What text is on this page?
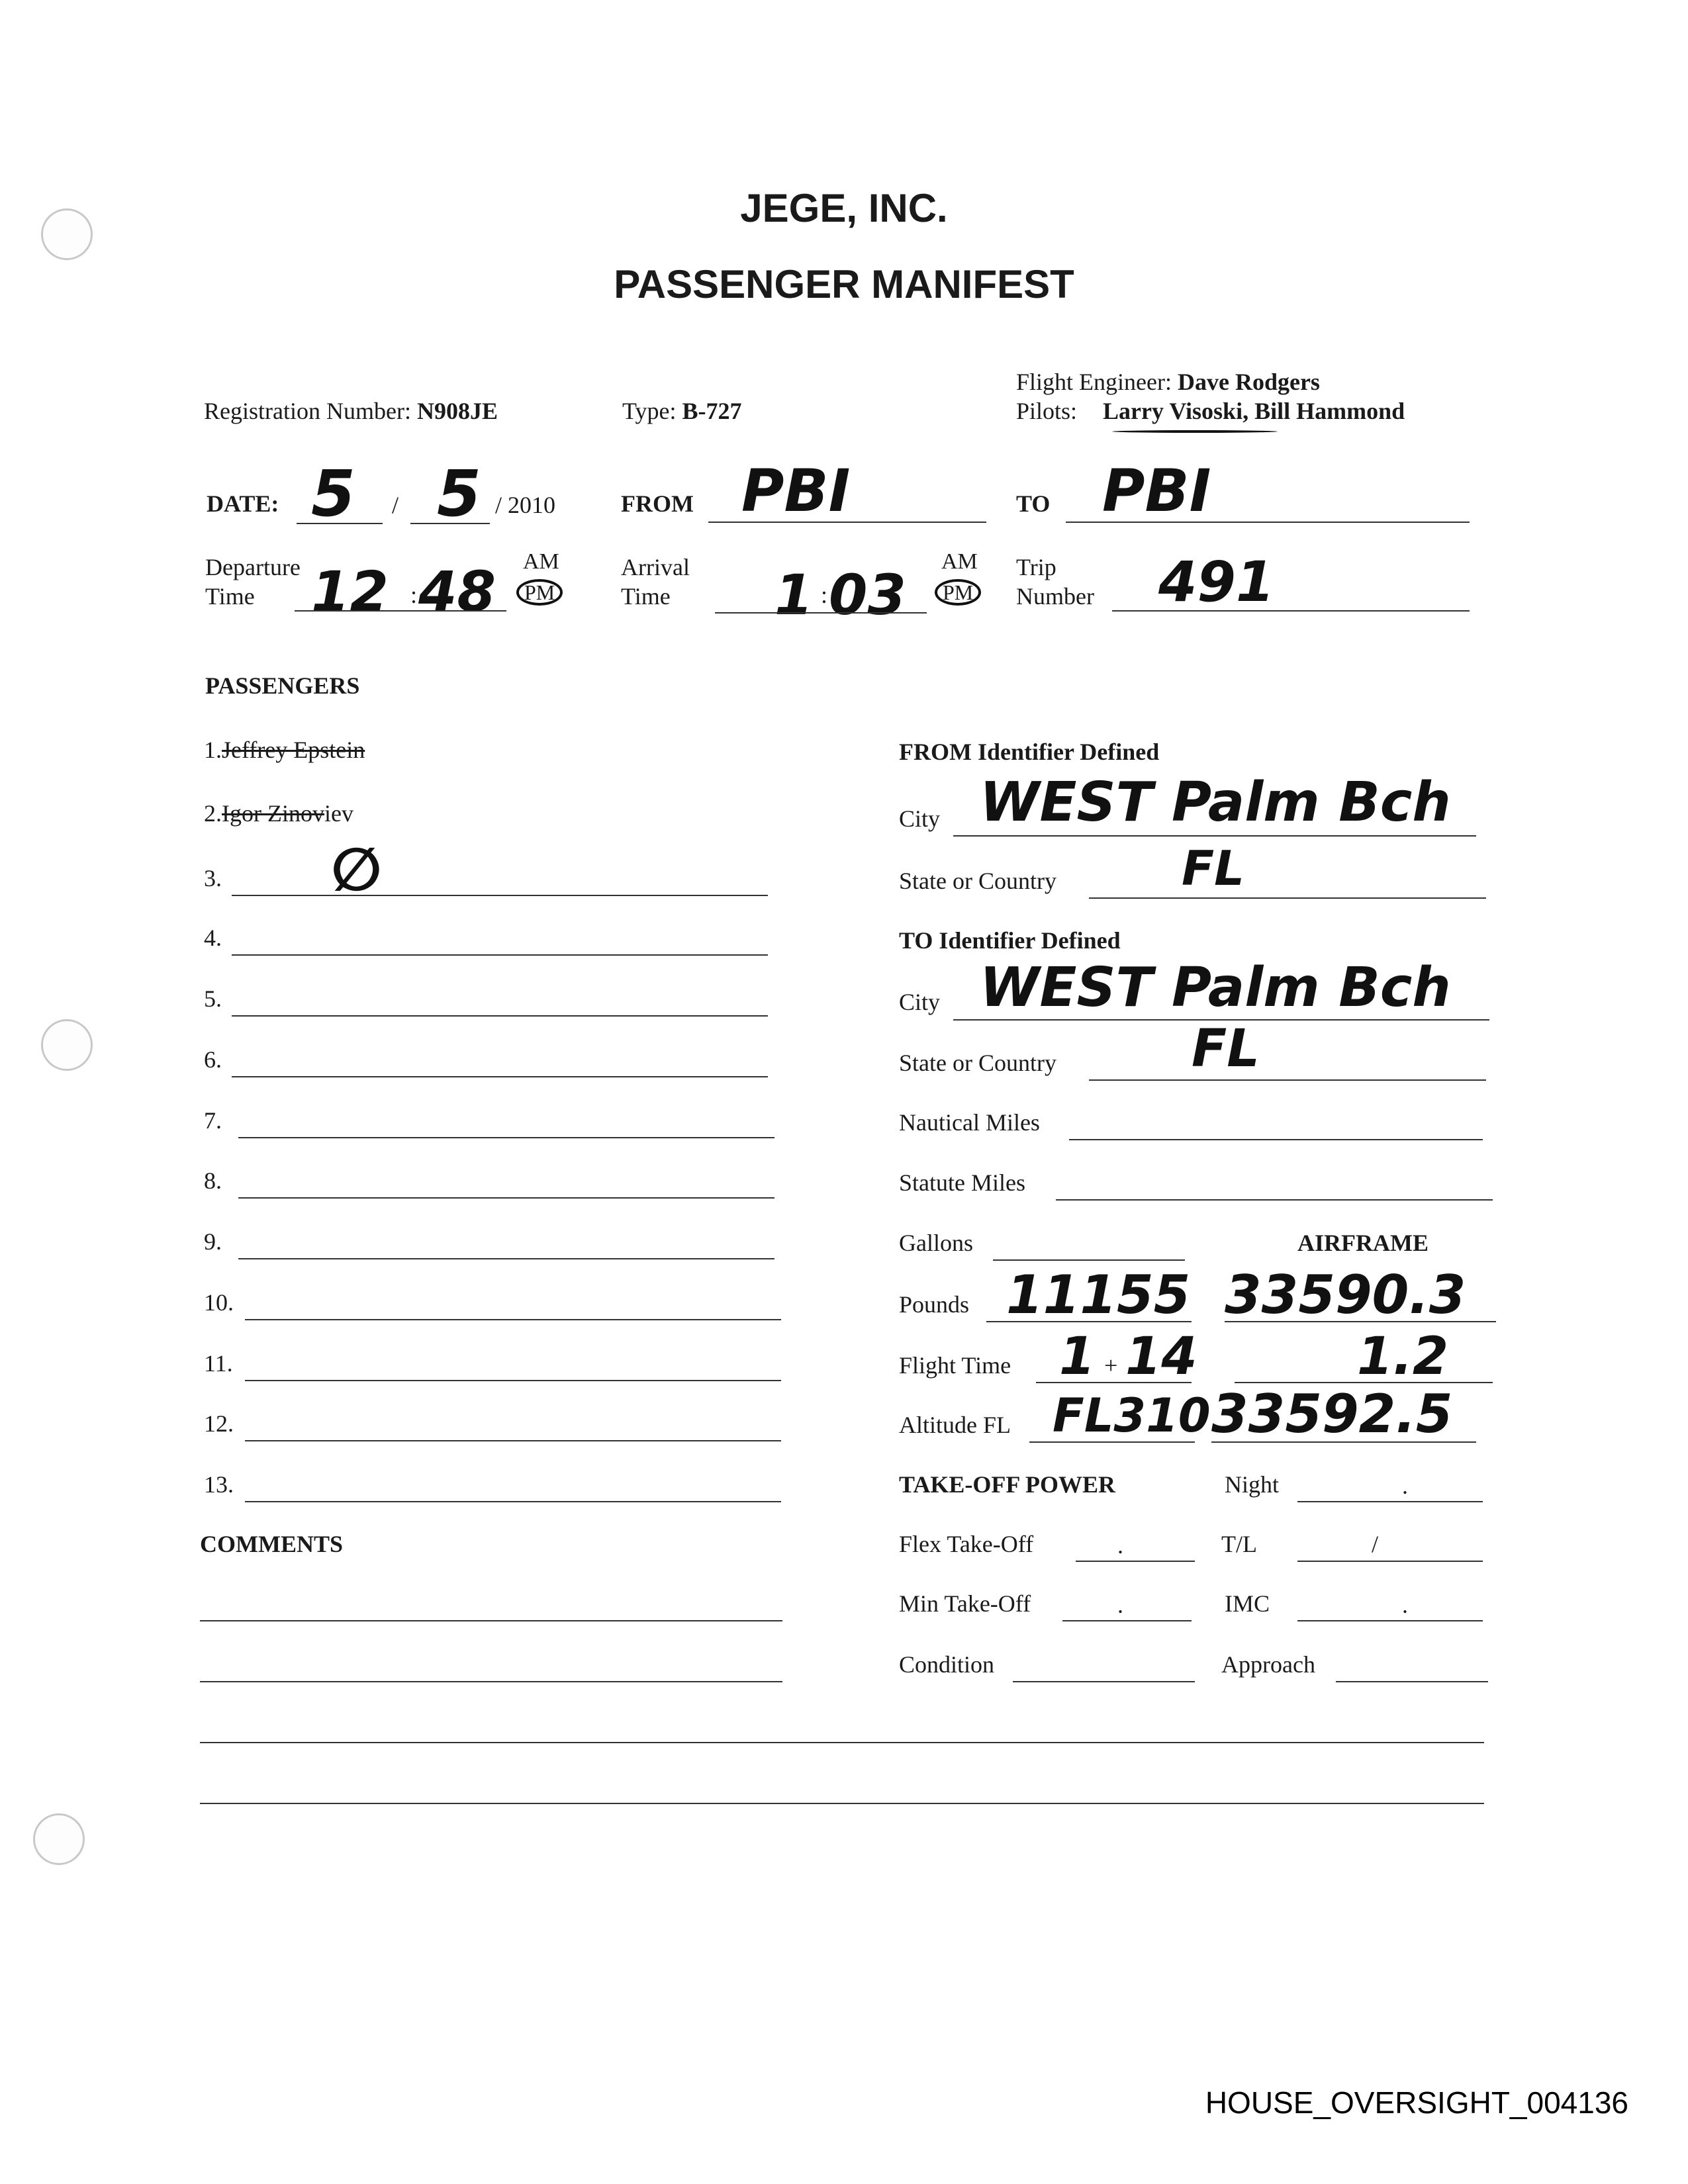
JEGE, INC.
PASSENGER MANIFEST
Registration Number: N908JE	Type: B-727
Flight Engineer: Dave Rodgers
Pilots: Larry Visoski, Bill Hammond
DATE: 5 / 5 / 2010	FROM PBI	TO PBI
Departure
Time	12 : 48 AM
PM
Arrival
Time	1 : 03
AM
PM
Trip
Number 491
PASSENGERS
1.Jeffrey Epstein
2.Igor Zinoviev
3. ∅
4.
5.
6.
7.
8.
9.
10.
11.
12.
13.
COMMENTS
FROM Identifier Defined
City WEST Palm Bch
State or Country	FL
TO Identifier Defined
City WEST Palm Bch
State or Country	FL
Nautical Miles
Statute Miles
Gallons	AIRFRAME
Pounds 11155 33590.3
Flight Time 1 + 14	1.2
Altitude FL FL310 33592.5
TAKE-OFF POWER	Night	.
Flex Take-Off	.	T/L	/
Min Take-Off	.	IMC	.
Condition	Approach
HOUSE_OVERSIGHT_004136
